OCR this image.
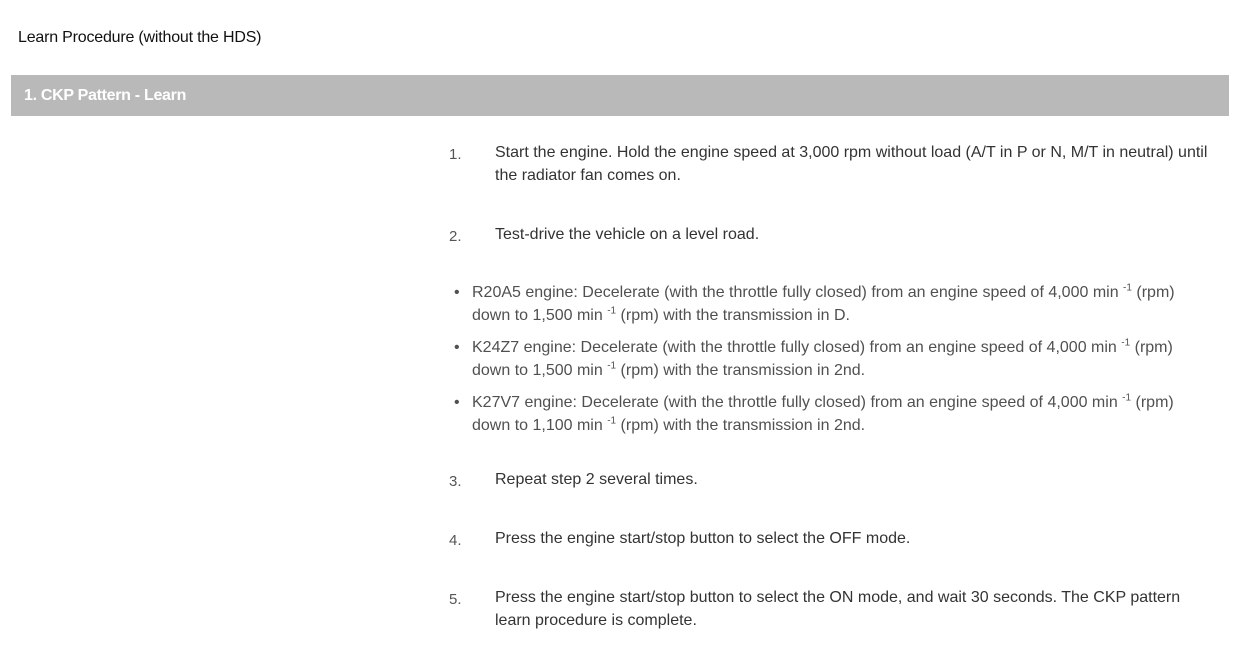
Learn Procedure (without the HDS)
1. CKP Pattern - Learn
1. Start the engine. Hold the engine speed at 3,000 rpm without load (A/T in P or N, M/T in neutral) until the radiator fan comes on.
2. Test-drive the vehicle on a level road.
• R20A5 engine: Decelerate (with the throttle fully closed) from an engine speed of 4,000 min $^{-1}$ (rpm) down to 1,500 min $^{-1}$ (rpm) with the transmission in D.
• K24Z7 engine: Decelerate (with the throttle fully closed) from an engine speed of 4,000 min $^{-1}$ (rpm) down to 1,500 min $^{-1}$ (rpm) with the transmission in 2nd.
• K27V7 engine: Decelerate (with the throttle fully closed) from an engine speed of 4,000 min $^{-1}$ (rpm) down to 1,100 min $^{-1}$ (rpm) with the transmission in 2nd.
3. Repeat step 2 several times.
4. Press the engine start/stop button to select the OFF mode.
5. Press the engine start/stop button to select the ON mode, and wait 30 seconds. The CKP pattern learn procedure is complete.
